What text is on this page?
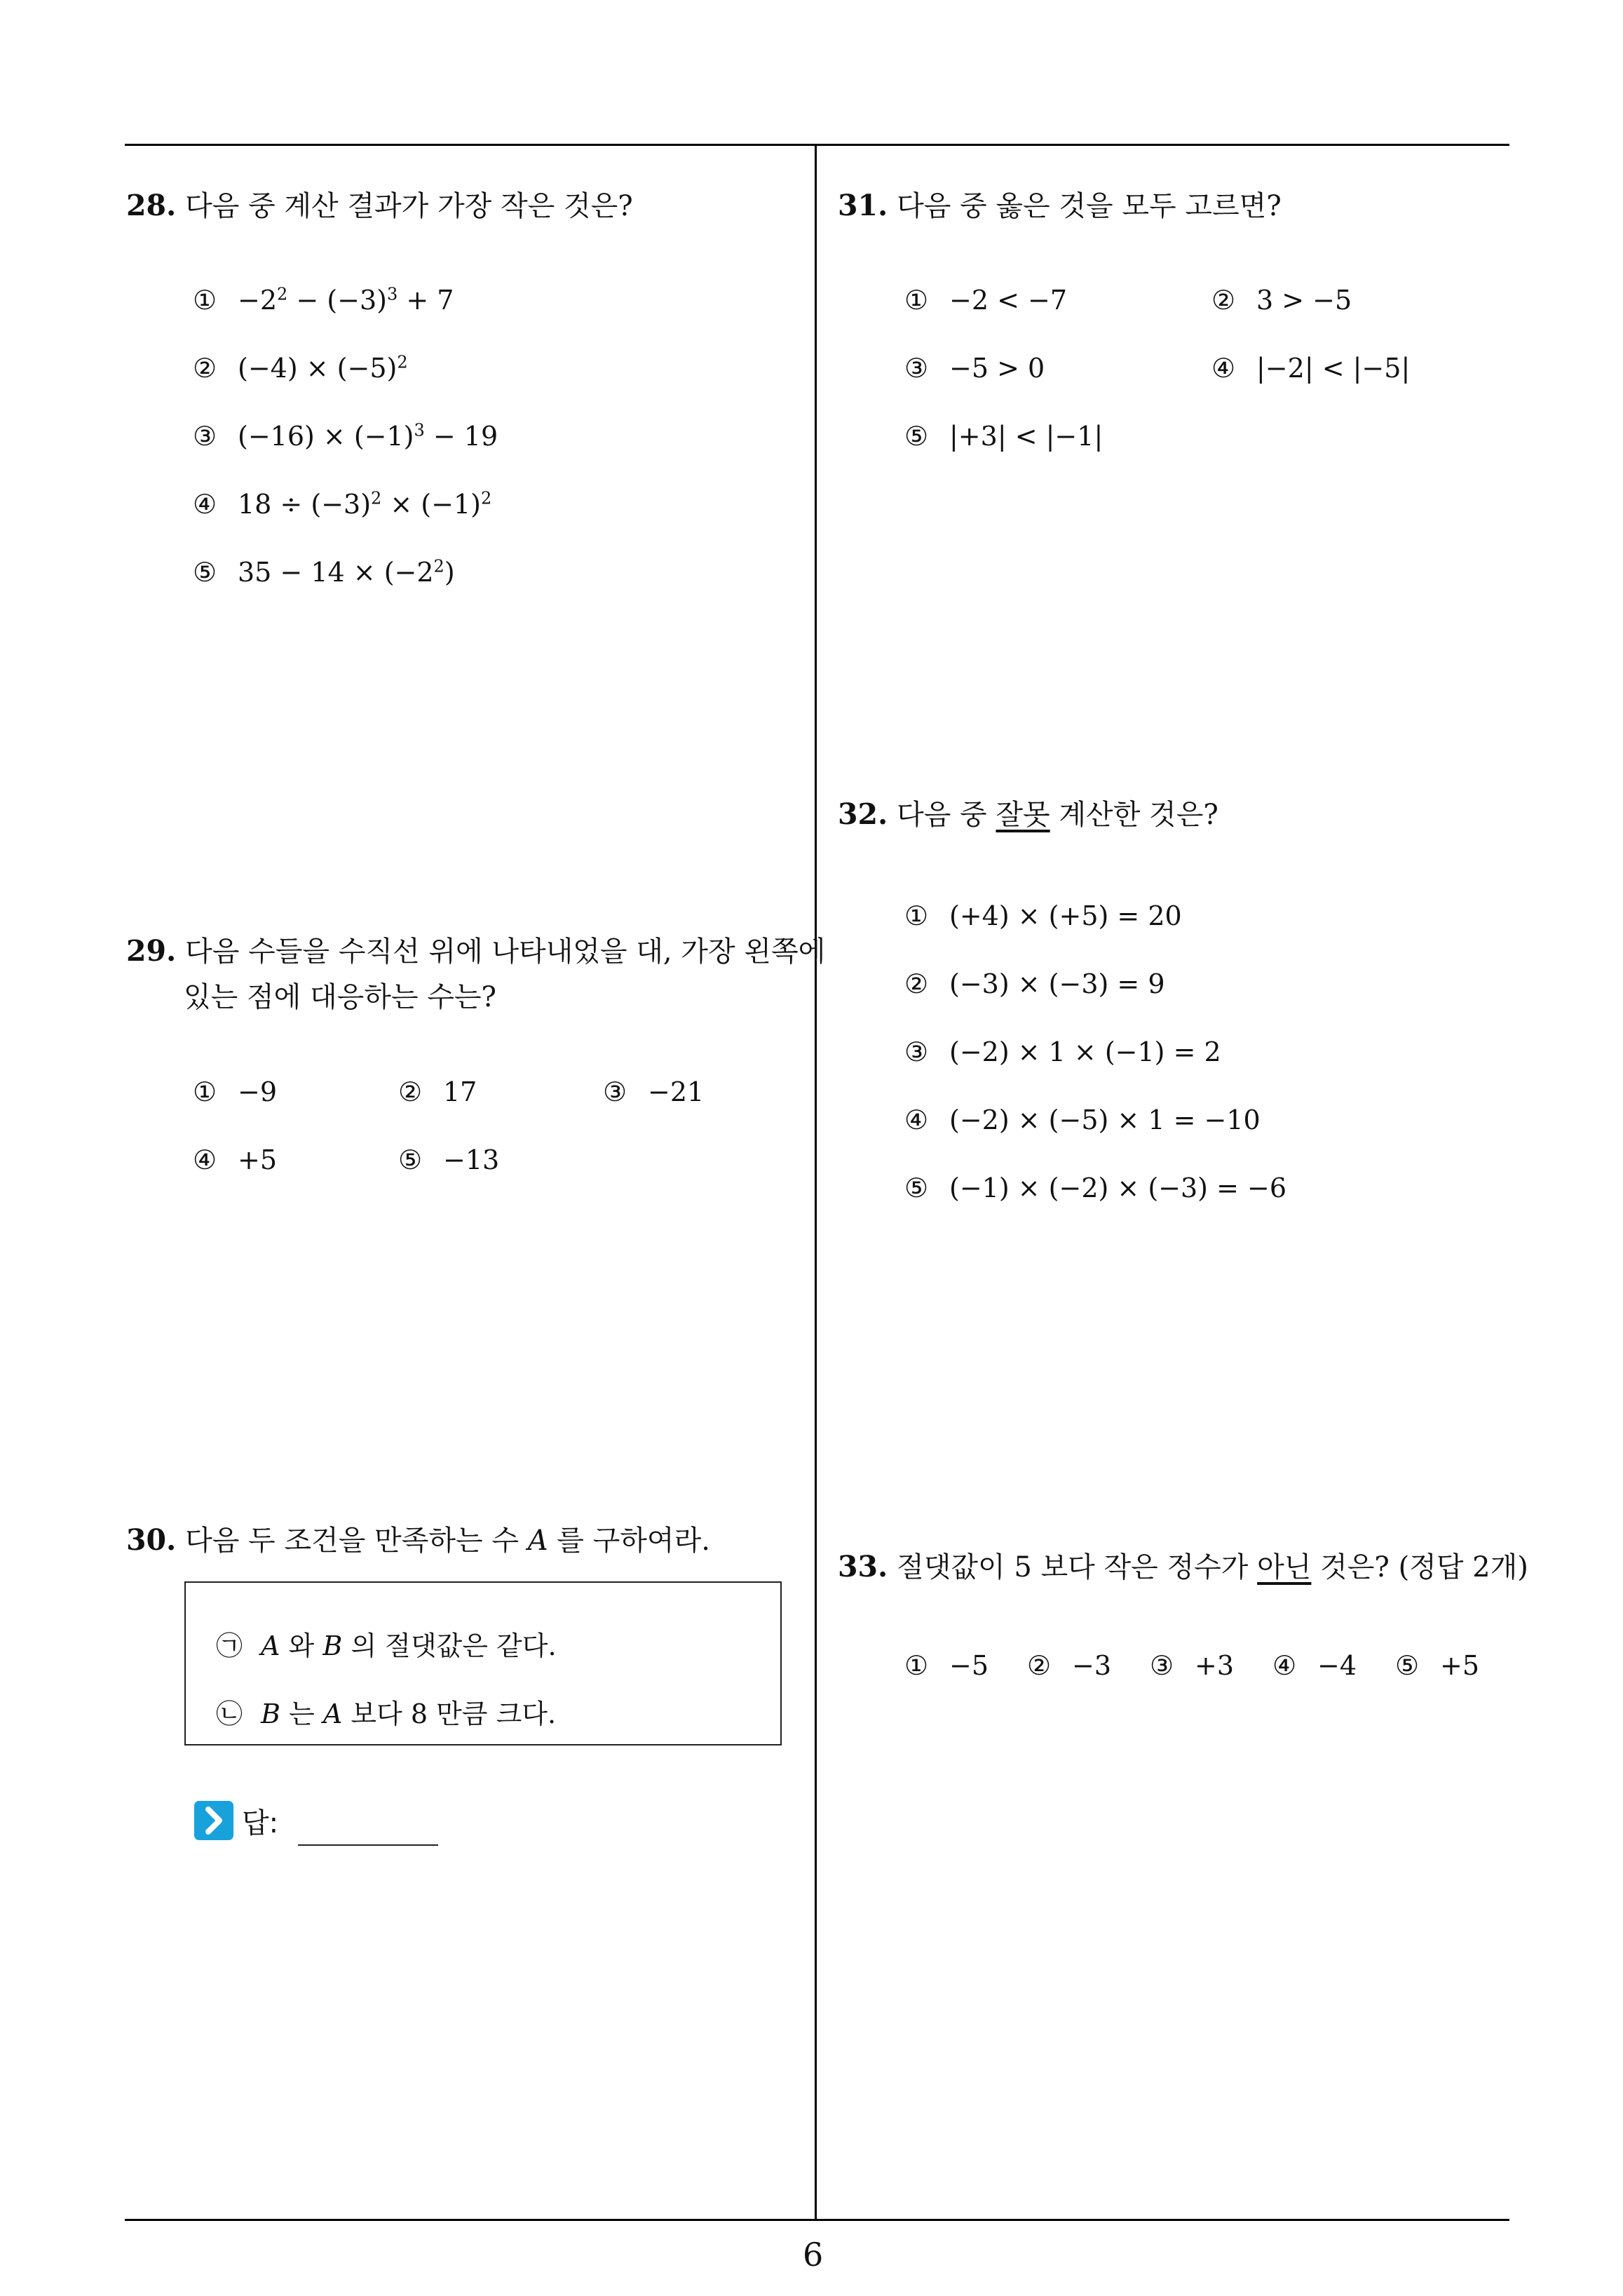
28. 다음 중 계산 결과가 가장 작은 것은?
① $-2^2 - (-3)^3 + 7$
② $(-4) \times (-5)^2$
③ $(-16) \times (-1)^3 - 19$
④ $18 \div (-3)^2 \times (-1)^2$
⑤ $35 - 14 \times (-2^2)$
29. 다음 수들을 수직선 위에 나타내었을 대, 가장 왼쪽에
있는 점에 대응하는 수는?
① −9	② 17	③ −21
④ +5	⑤ −13
30. 다음 두 조건을 만족하는 수 A 를 구하여라.
㉠ A 와 B 의 절댓값은 같다.
㉡ B 는 A 보다 8 만큼 크다.
답:
31. 다음 중 옳은 것을 모두 고르면?
① −2 < −7	② 3 > −5
③ −5 > 0	④ |−2| < |−5|
⑤ |+3| < |−1|
32. 다음 중 잘못 계산한 것은?
① (+4) × (+5) = 20
② (−3) × (−3) = 9
③ (−2) × 1 × (−1) = 2
④ (−2) × (−5) × 1 = −10
⑤ (−1) × (−2) × (−3) = −6
33. 절댓값이 5 보다 작은 정수가 아닌 것은? (정답 2개)
① −5 ② −3 ③ +3 ④ −4 ⑤ +5
6
